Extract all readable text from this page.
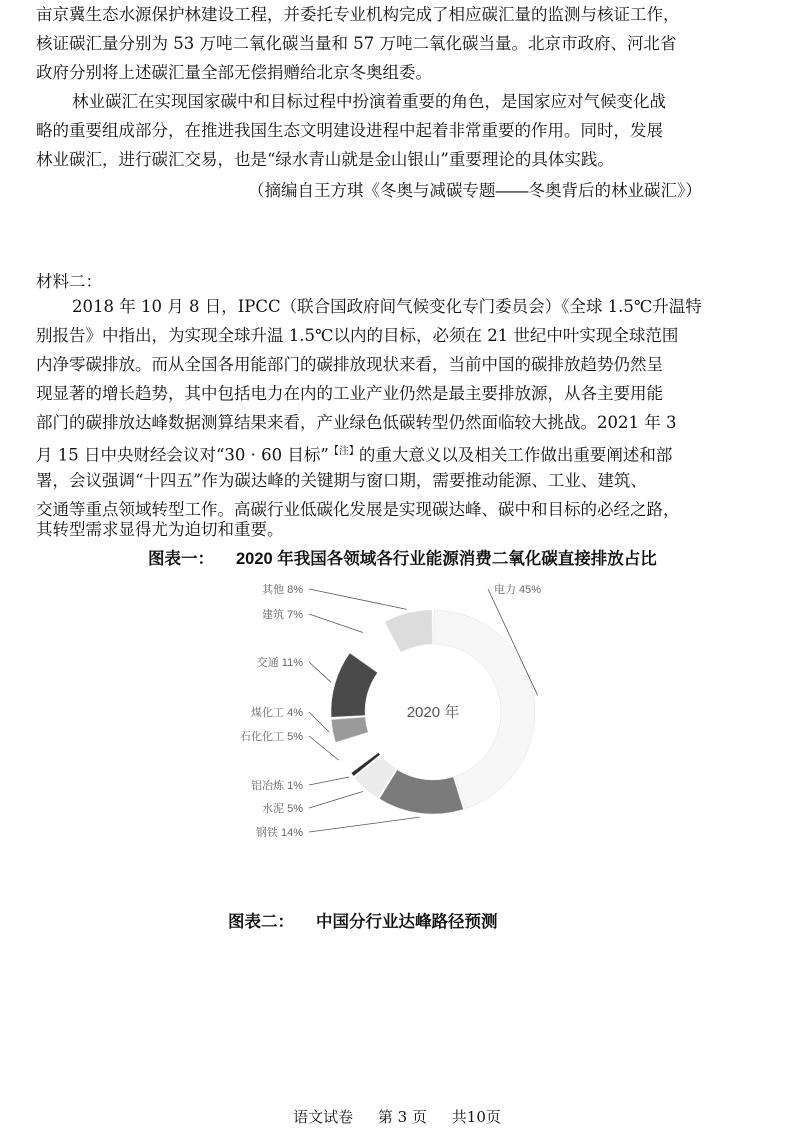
亩京冀生态水源保护林建设工程，并委托专业机构完成了相应碳汇量的监测与核证工作，
核证碳汇量分别为 53 万吨二氧化碳当量和 57 万吨二氧化碳当量。北京市政府、河北省
政府分别将上述碳汇量全部无偿捐赠给北京冬奥组委。
林业碳汇在实现国家碳中和目标过程中扮演着重要的角色，是国家应对气候变化战
略的重要组成部分，在推进我国生态文明建设进程中起着非常重要的作用。同时，发展
林业碳汇，进行碳汇交易，也是“绿水青山就是金山银山”重要理论的具体实践。
（摘编自王方琪《冬奥与减碳专题——冬奥背后的林业碳汇》）
材料二：
2018 年 10 月 8 日，IPCC（联合国政府间气候变化专门委员会）《全球 1.5℃升温特
别报告》中指出，为实现全球升温 1.5℃以内的目标，必须在 21 世纪中叶实现全球范围
内净零碳排放。而从全国各用能部门的碳排放现状来看，当前中国的碳排放趋势仍然呈
现显著的增长趋势，其中包括电力在内的工业产业仍然是最主要排放源，从各主要用能
部门的碳排放达峰数据测算结果来看，产业绿色低碳转型仍然面临较大挑战。2021 年 3
月 15 日中央财经会议对“30 · 60 目标”$^{【注】}$的重大意义以及相关工作做出重要阐述和部
署，会议强调“十四五”作为碳达峰的关键期与窗口期，需要推动能源、工业、建筑、
交通等重点领域转型工作。高碳行业低碳化发展是实现碳达峰、碳中和目标的必经之路，
其转型需求显得尤为迫切和重要。
图表一： 2020 年我国各领域各行业能源消费二氧化碳直接排放占比
电力 45%
钢铁 14%
水泥 5%
铝冶炼 1%
石化化工 5%
煤化工 4%
交通 11%
建筑 7%
其他 8%
2020 年
图表二： 中国分行业达峰路径预测
语文试卷 第 3 页 共10页
